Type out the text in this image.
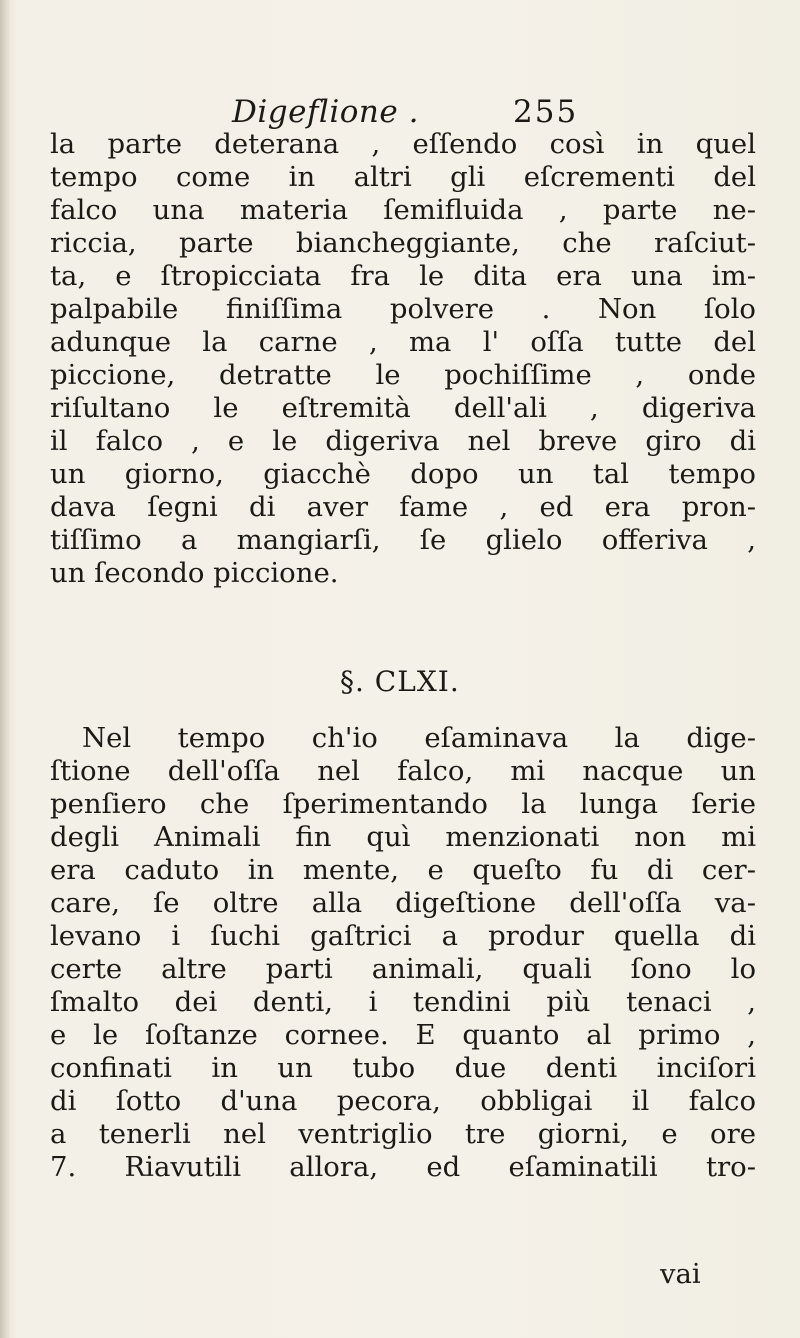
Digeflione .	255
la parte deterana , eſſendo così in quel
tempo come in altri gli eſcrementi del
falco una materia ſemifluida , parte ne-
riccia, parte biancheggiante, che raſciut-
ta, e ſtropicciata fra le dita era una im-
palpabile finiſſima polvere . Non ſolo
adunque la carne , ma l' oſſa tutte del
piccione, detratte le pochiſſime , onde
riſultano le eſtremità dell'ali , digeriva
il falco , e le digeriva nel breve giro di
un giorno, giacchè dopo un tal tempo
dava ſegni di aver fame , ed era pron-
tiſſimo a mangiarſi, ſe glielo offeriva ,
un ſecondo piccione.
§. CLXI.
Nel tempo ch'io eſaminava la dige-
ſtione dell'oſſa nel falco, mi nacque un
penſiero che ſperimentando la lunga ſerie
degli Animali fin quì menzionati non mi
era caduto in mente, e queſto fu di cer-
care, ſe oltre alla digeſtione dell'oſſa va-
levano i ſuchi gaſtrici a produr quella di
certe altre parti animali, quali ſono lo
ſmalto dei denti, i tendini più tenaci ,
e le ſoſtanze cornee. E quanto al primo ,
confinati in un tubo due denti inciſori
di ſotto d'una pecora, obbligai il falco
a tenerli nel ventriglio tre giorni, e ore
7. Riavutili allora, ed eſaminatili tro-
vai
